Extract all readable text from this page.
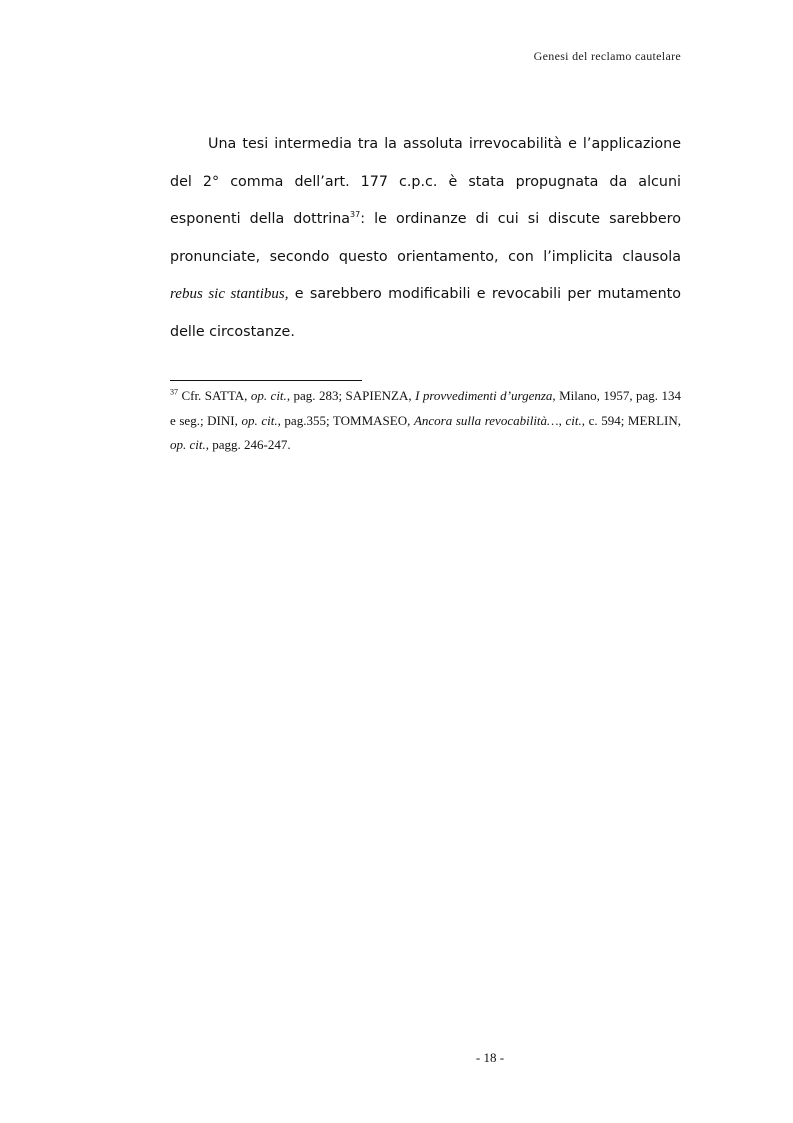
Genesi del reclamo cautelare

Una tesi intermedia tra la assoluta irrevocabilità e l’applicazione del 2° comma dell’art. 177 c.p.c. è stata propugnata da alcuni esponenti della dottrina$^{37}$: le ordinanze di cui si discute sarebbero pronunciate, secondo questo orientamento, con l’implicita clausola rebus sic stantibus, e sarebbero modificabili e revocabili per mutamento delle circostanze.

$^{37}$ Cfr. SATTA, op. cit., pag. 283; SAPIENZA, I provvedimenti d’urgenza, Milano, 1957, pag. 134 e seg.; DINI, op. cit., pag.355; TOMMASEO, Ancora sulla revocabilità…, cit., c. 594; MERLIN, op. cit., pagg. 246-247.

- 18 -
